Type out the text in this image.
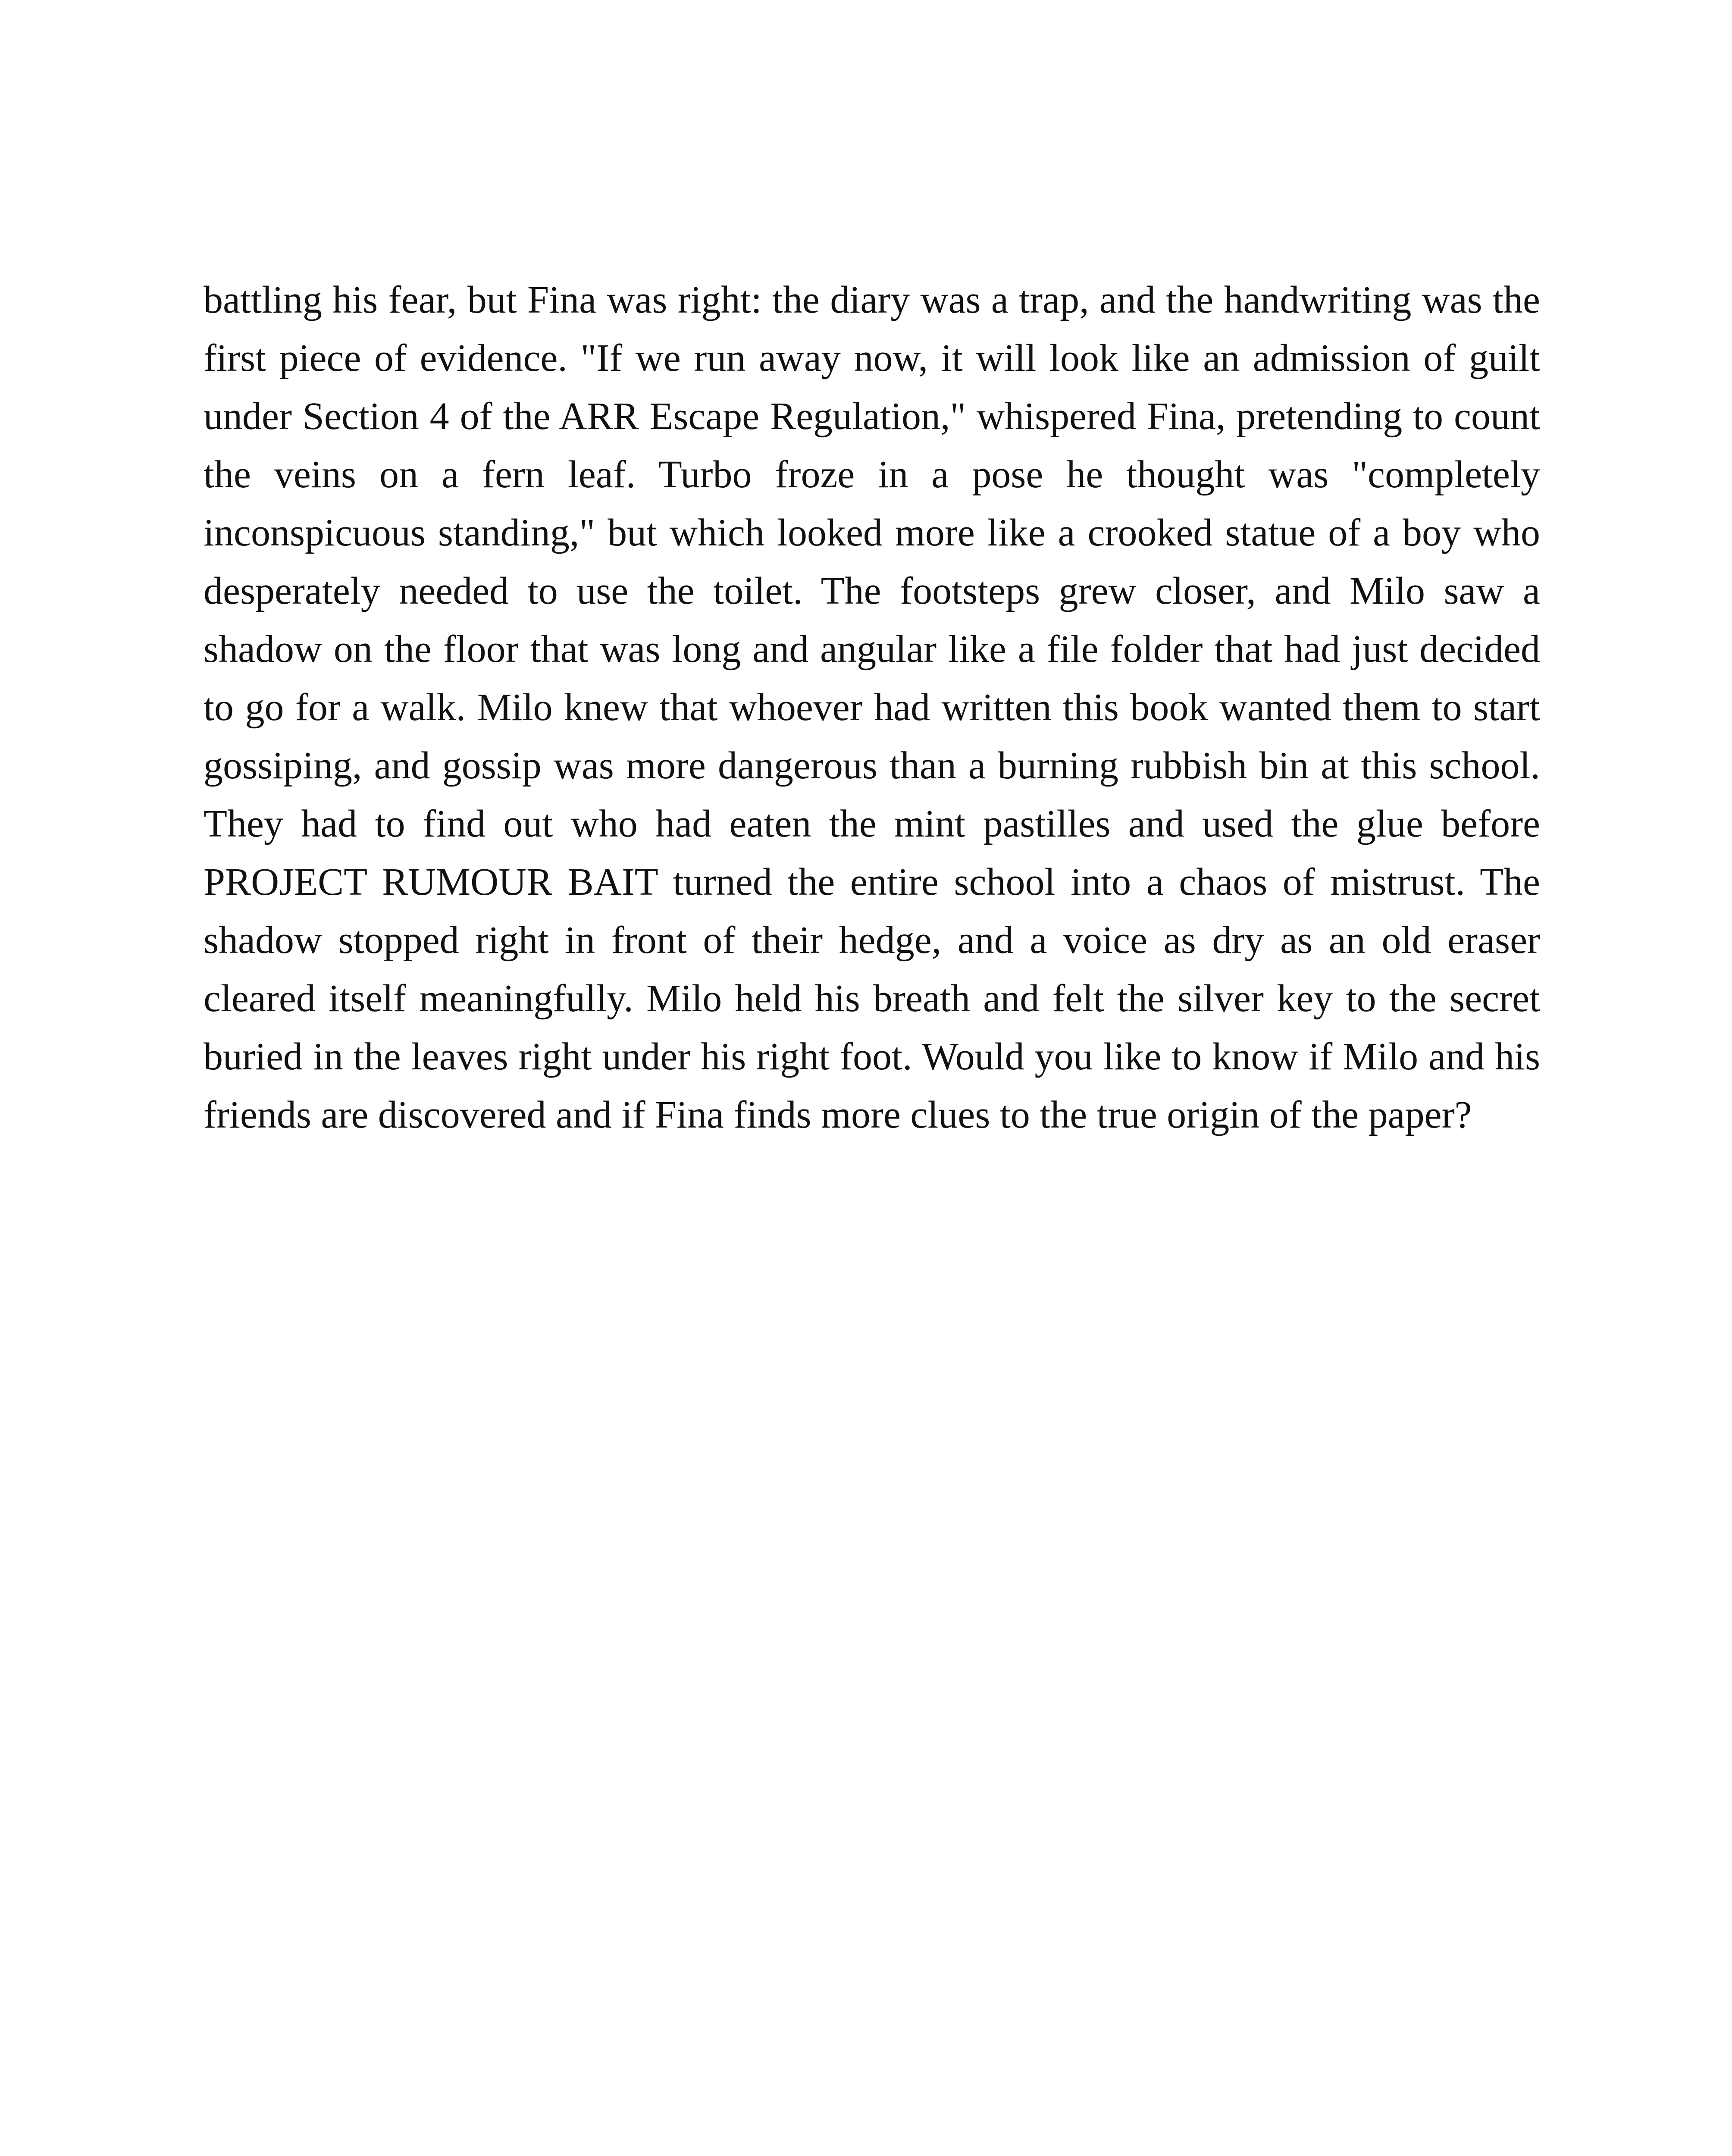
battling his fear, but Fina was right: the diary was a trap, and the handwriting was the first piece of evidence. "If we run away now, it will look like an admission of guilt under Section 4 of the ARR Escape Regulation," whispered Fina, pretending to count the veins on a fern leaf. Turbo froze in a pose he thought was "completely inconspicuous standing," but which looked more like a crooked statue of a boy who desperately needed to use the toilet. The footsteps grew closer, and Milo saw a shadow on the floor that was long and angular like a file folder that had just decided to go for a walk. Milo knew that whoever had written this book wanted them to start gossiping, and gossip was more dangerous than a burning rubbish bin at this school. They had to find out who had eaten the mint pastilles and used the glue before PROJECT RUMOUR BAIT turned the entire school into a chaos of mistrust. The shadow stopped right in front of their hedge, and a voice as dry as an old eraser cleared itself meaningfully. Milo held his breath and felt the silver key to the secret buried in the leaves right under his right foot. Would you like to know if Milo and his friends are discovered and if Fina finds more clues to the true origin of the paper?
